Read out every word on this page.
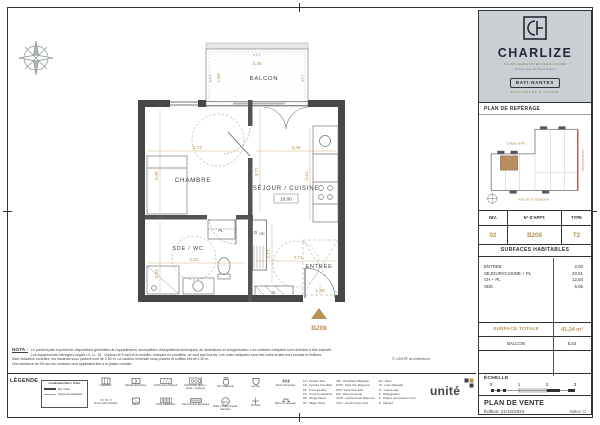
GCV
3,36
BALCON
1,60
GCV	GCV
CHAMBRE
SÉJOUR / CUISINE
±0.00
SDE / WC
ENTRÉE
PL
PL
CE
3,73	3,49
4,09	3,77
2,91
2,63
2,77	3,71
1,48
4,61
B208
CHARLIZE
SAINT-SÉBASTIEN-SUR-LOIRE
16 bis rue du Petit Anjou
BATI-NANTES
BÂTISSEURS D'AVENIR
PLAN DE REPÉRAGE
Coteau d'Art
Rue de la Tapisserie
Mail provisoire
NIV.	N° D'APPT.	TYPE
02	B208	T2
SURFACES HABITABLES
ENTREE	2,03
SEJOUR/CUISINE + PL	20,51
CH + PL	12,64
SDE	6,06
SURFACE TOTALE	41,24 m²
BALCON	5,53
ÉCHELLE
0	1	2	3
PLAN DE VENTE
Édition: 21/10/2024	Indice: C
NOTA : Le présent plan exprime les dispositions générales de l'appartement, susceptibles d'adaptations techniques, de dimensions et d'organisation. Les surfaces indiquées sont données à titre indicatif.
Les équipements ménagers (sigles LV, LL, SL, Cuisson et Froid) et le mobilier, indiqués en pointillés, ne sont pas fournis. Les cotes indiquées sont des cotes brutes hors enduits et finitions.
Sauf indication contraire, les hauteurs sous plafond sont de 2,50 m. La hauteur minimale sous poutres et soffites est de 2,20 m.
Une tolérance de 5% sur les surfaces sera applicable liée à la phase chantier.
© UNITÉ architecture
LÉGENDE	Localisation Murs / Voiles
Mur / Voile
Cloison de distribution
Chaudière	Tableau Électrique	Soffite Faux Plafond	Kitchenette (Évier + Hotte + Cuisson)
WC Suspendu	Lavabo	Sèche-Serviettes
Cloison Démontable	Gaine	Grille Caillebotis	Volet Roulant Électrique
ECS
Ballon d'Eau Chaude Sanitaire
Terrasse
Barre de relevage
FF : Fenêtre Fixe
FS : Fenêtre à Soufflet
PF : Porte Fenêtre
PC : Porte Coulissante
AP : Allège Pleine
AV : Allège Vitrée
OB : Occultation Battante
PVM : Pare-Vue Maçonné
PVV : Pare-Vue Vitré
MC : Main Courante
GCM : Garde-Corps Maçonné
GCV : Garde-Corps Vitré
EV : Évier
LV : Lave-Vaisselle
LL : Lave-Linge
F : Réfrigérateur
C : Plaque de Cuisson / Four
P : Placard
unité
